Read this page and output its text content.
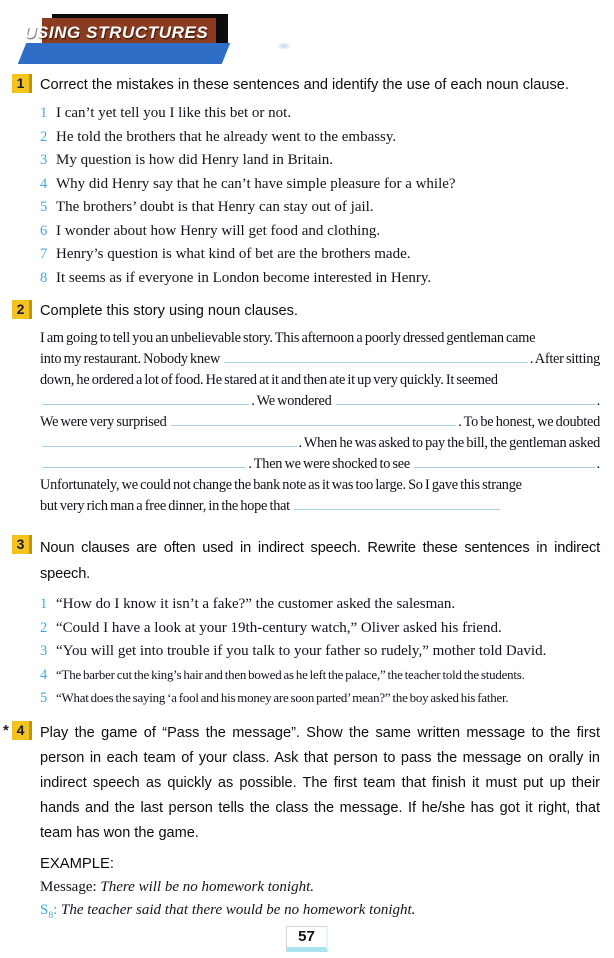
USING STRUCTURES
1	Correct the mistakes in these sentences and identify the use of each noun clause.
1 I can’t yet tell you I like this bet or not.
2 He told the brothers that he already went to the embassy.
3 My question is how did Henry land in Britain.
4 Why did Henry say that he can’t have simple pleasure for a while?
5 The brothers’ doubt is that Henry can stay out of jail.
6 I wonder about how Henry will get food and clothing.
7 Henry’s question is what kind of bet are the brothers made.
8 It seems as if everyone in London become interested in Henry.
2	Complete this story using noun clauses.
I am going to tell you an unbelievable story. This afternoon a poorly dressed gentleman came
into my restaurant. Nobody knew	. After sitting
down, he ordered a lot of food. He stared at it and then ate it up very quickly. It seemed
. We wondered	.
We were very surprised	. To be honest, we doubted
. When he was asked to pay the bill, the gentleman asked
. Then we were shocked to see	.
Unfortunately, we could not change the bank note as it was too large. So I gave this strange
but very rich man a free dinner, in the hope that
3	Noun clauses are often used in indirect speech. Rewrite these sentences in indirect speech.
1 “How do I know it isn’t a fake?” the customer asked the salesman.
2 “Could I have a look at your 19th-century watch,” Oliver asked his friend.
3 “You will get into trouble if you talk to your father so rudely,” mother told David.
4 “The barber cut the king’s hair and then bowed as he left the palace,” the teacher told the students.
5 “What does the saying ‘a fool and his money are soon parted’ mean?” the boy asked his father.
* 4	Play the game of “Pass the message”. Show the same written message to the first person in each team of your class. Ask that person to pass the message on orally in indirect speech as quickly as possible. The first team that finish it must put up their hands and the last person tells the class the message. If he/she has got it right, that team has won the game.
EXAMPLE:
Message: There will be no homework tonight.
$S_8$: The teacher said that there would be no homework tonight.
57
